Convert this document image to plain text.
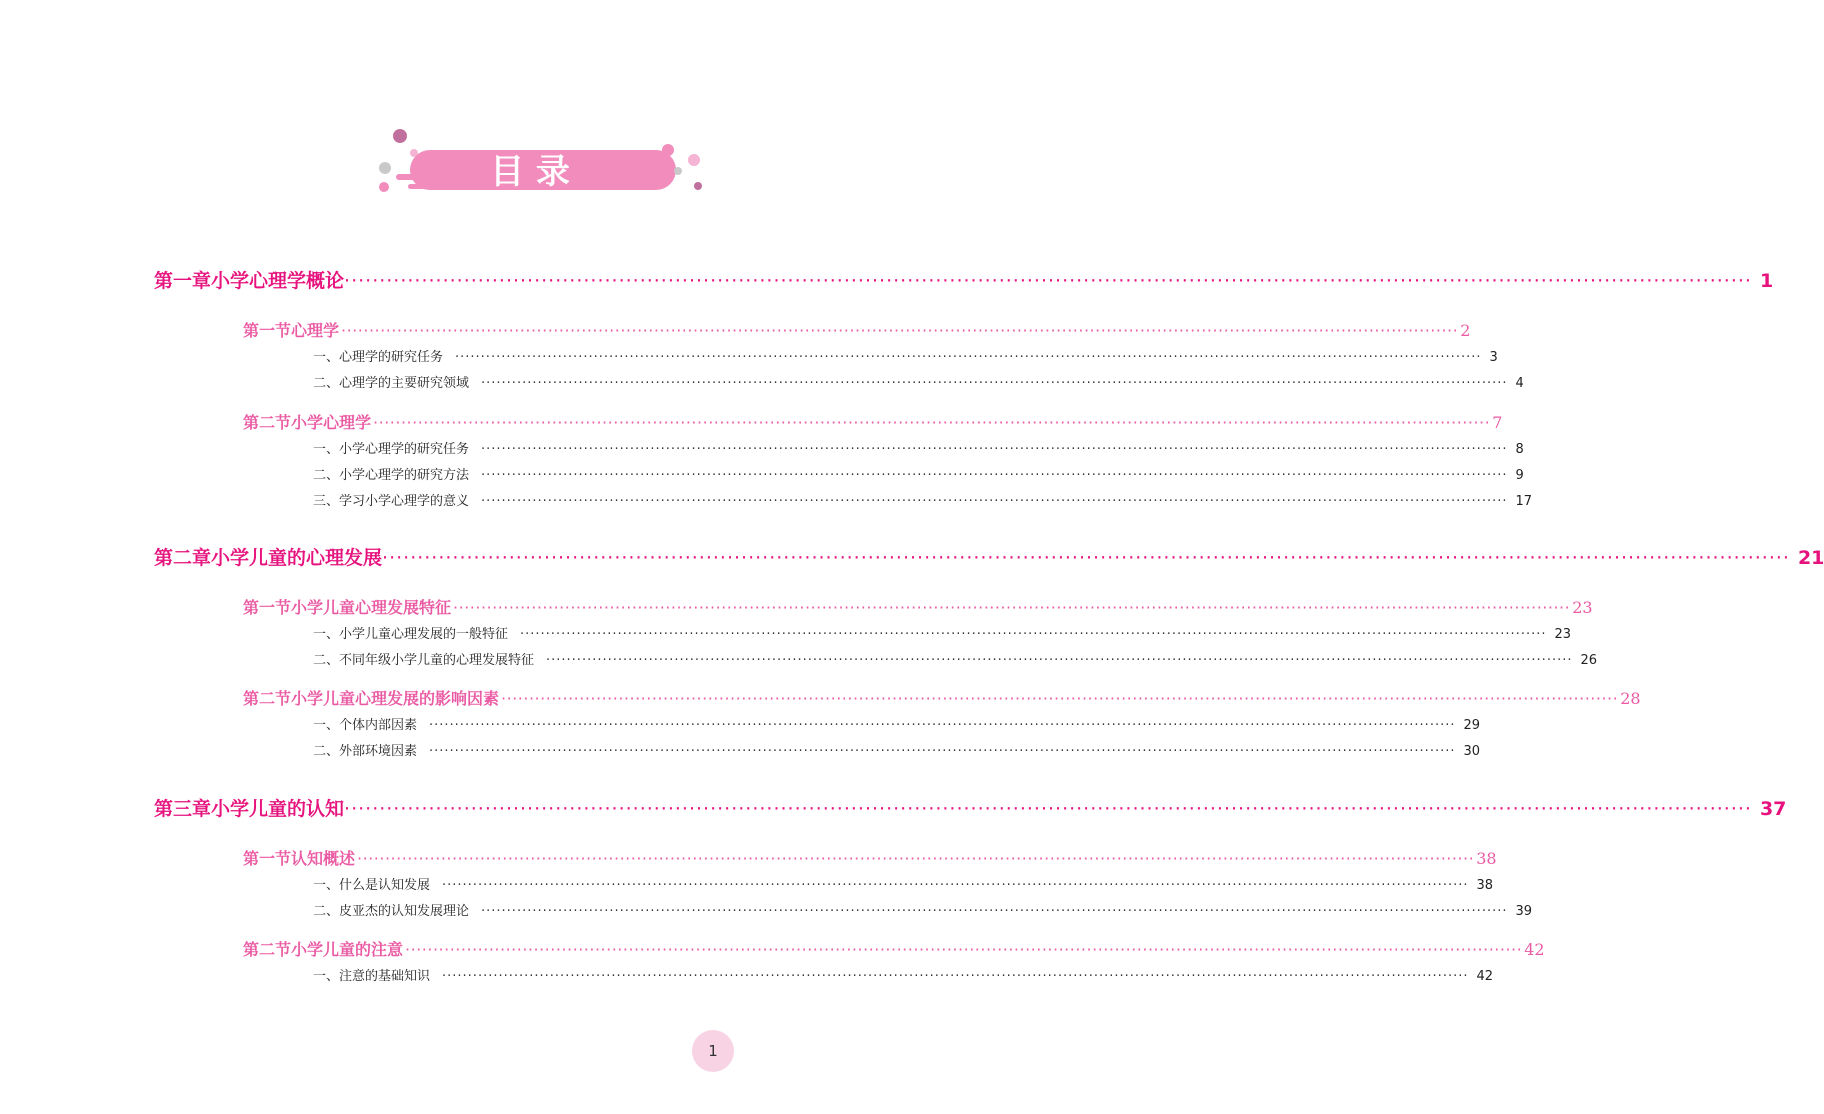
目 录
第一章 小学心理学概论 ········································································································································································································ 1
第一节 心理学 ········································································································································································································ 2
一、心理学的研究任务 ········································································································································································································ 3
二、心理学的主要研究领域 ········································································································································································································ 4
第二节 小学心理学 ········································································································································································································ 7
一、小学心理学的研究任务 ········································································································································································································ 8
二、小学心理学的研究方法 ········································································································································································································ 9
三、学习小学心理学的意义 ········································································································································································································ 17
第二章 小学儿童的心理发展 ········································································································································································································ 21
第一节 小学儿童心理发展特征 ········································································································································································································ 23
一、小学儿童心理发展的一般特征 ········································································································································································································ 23
二、不同年级小学儿童的心理发展特征 ········································································································································································································ 26
第二节 小学儿童心理发展的影响因素 ········································································································································································································ 28
一、个体内部因素 ········································································································································································································ 29
二、外部环境因素 ········································································································································································································ 30
第三章 小学儿童的认知 ········································································································································································································ 37
第一节 认知概述 ········································································································································································································ 38
一、什么是认知发展 ········································································································································································································ 38
二、皮亚杰的认知发展理论 ········································································································································································································ 39
第二节 小学儿童的注意 ········································································································································································································ 42
一、注意的基础知识 ········································································································································································································ 42
1
